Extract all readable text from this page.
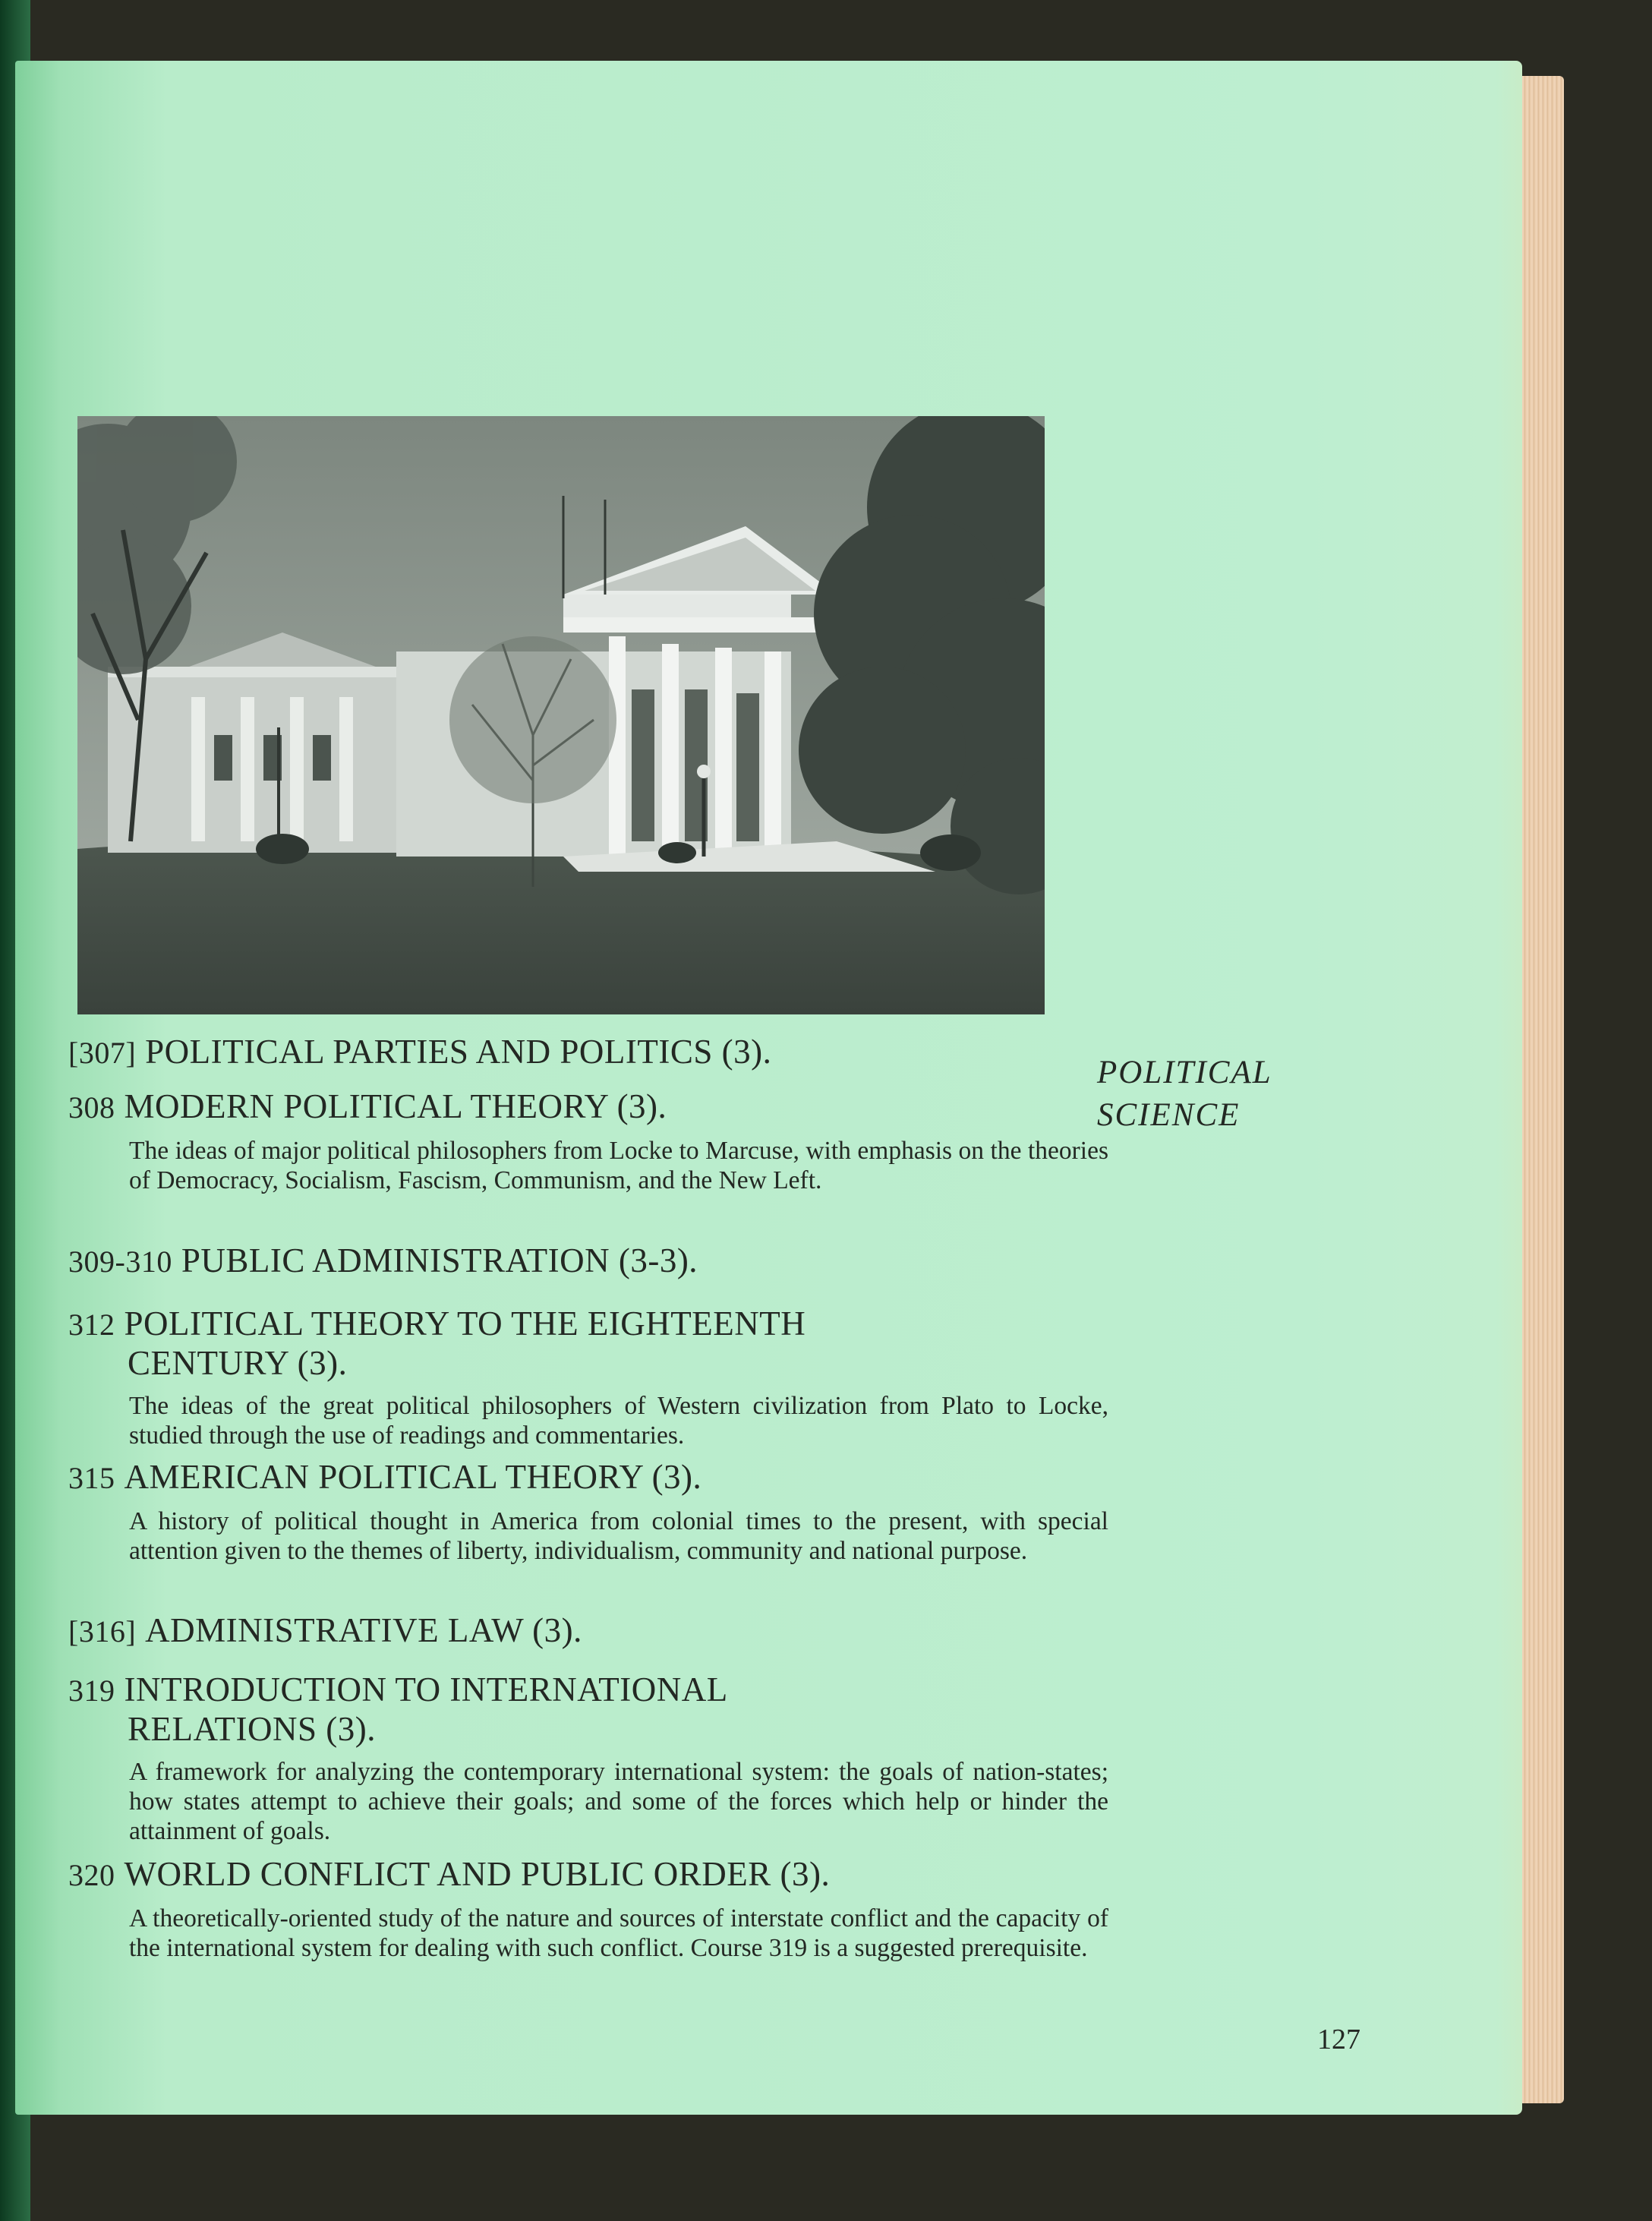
[307] POLITICAL PARTIES AND POLITICS (3).
308 MODERN POLITICAL THEORY (3).
The ideas of major political philosophers from Locke to Marcuse, with emphasis on the theories of Democracy, Socialism, Fascism, Communism, and the New Left.
309-310 PUBLIC ADMINISTRATION (3-3).
312 POLITICAL THEORY TO THE EIGHTEENTH
CENTURY (3).
The ideas of the great political philosophers of Western civilization from Plato to Locke, studied through the use of readings and commentaries.
315 AMERICAN POLITICAL THEORY (3).
A history of political thought in America from colonial times to the present, with special attention given to the themes of liberty, individualism, community and national purpose.
[316] ADMINISTRATIVE LAW (3).
319 INTRODUCTION TO INTERNATIONAL
RELATIONS (3).
A framework for analyzing the contemporary international system: the goals of nation-states; how states attempt to achieve their goals; and some of the forces which help or hinder the attainment of goals.
320 WORLD CONFLICT AND PUBLIC ORDER (3).
A theoretically-oriented study of the nature and sources of interstate conflict and the capacity of the international system for dealing with such conflict. Course 319 is a suggested prerequisite.
POLITICAL
SCIENCE
127
